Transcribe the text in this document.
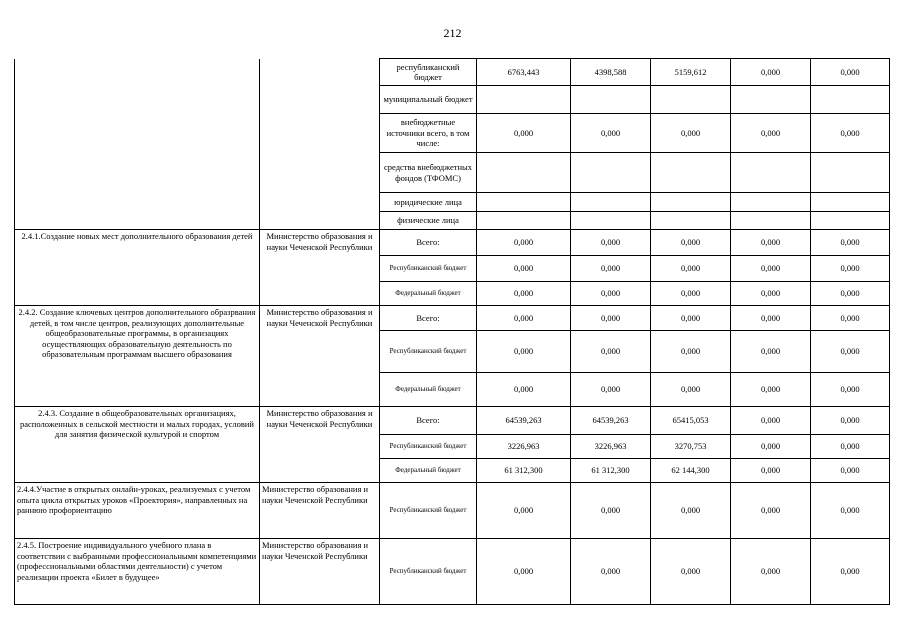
212
		республиканский бюджет	6763,443	4398,588	5159,612	0,000	0,000
		муниципальный бюджет					
		внебюджетные источники всего, в том числе:	0,000	0,000	0,000	0,000	0,000
		средства внебюджетных фондов (ТФОМС)					
		юридические лица					
		физические лица					
2.4.1.Создание новых мест дополнительного образования детей	Министерство образования и науки Чеченской Республики	Всего:	0,000	0,000	0,000	0,000	0,000
		Республиканский бюджет	0,000	0,000	0,000	0,000	0,000
		Федеральный бюджет	0,000	0,000	0,000	0,000	0,000
2.4.2. Создание ключевых центров дополнительного образрвания детей, в том числе центров, реализующих дополнительные общеобразовательные программы, в организациях осуществляющих образовательную деятельность по образовательным программам высшего образования	Министерство образования и науки Чеченской Республики	Всего:	0,000	0,000	0,000	0,000	0,000
		Республиканский бюджет	0,000	0,000	0,000	0,000	0,000
		Федеральный бюджет	0,000	0,000	0,000	0,000	0,000
2.4.3. Создание в общеобразовательных организациях, расположенных в сельской местности и малых городах, условий для занятия физической культурой и спортом	Министерство образования и науки Чеченской Республики	Всего:	64539,263	64539,263	65415,053	0,000	0,000
		Республиканский бюджет	3226,963	3226,963	3270,753	0,000	0,000
		Федеральный бюджет	61 312,300	61 312,300	62 144,300	0,000	0,000
2.4.4.Участие в открытых онлайн-уроках, реализуемых с учетом опыта цикла открытых уроков «Проектория», направленных на раннюю профориентацию	Министерство образования и науки Чеченской Республики	Республиканский бюджет	0,000	0,000	0,000	0,000	0,000
2.4.5. Построение индивидуального учебного плана в соответствии с выбранными профессиональными компетенциями (профессиональными областями деятельности) с учетом реализации проекта «Билет в будущее»	Министерство образования и науки Чеченской Республики	Республиканский бюджет	0,000	0,000	0,000	0,000	0,000
